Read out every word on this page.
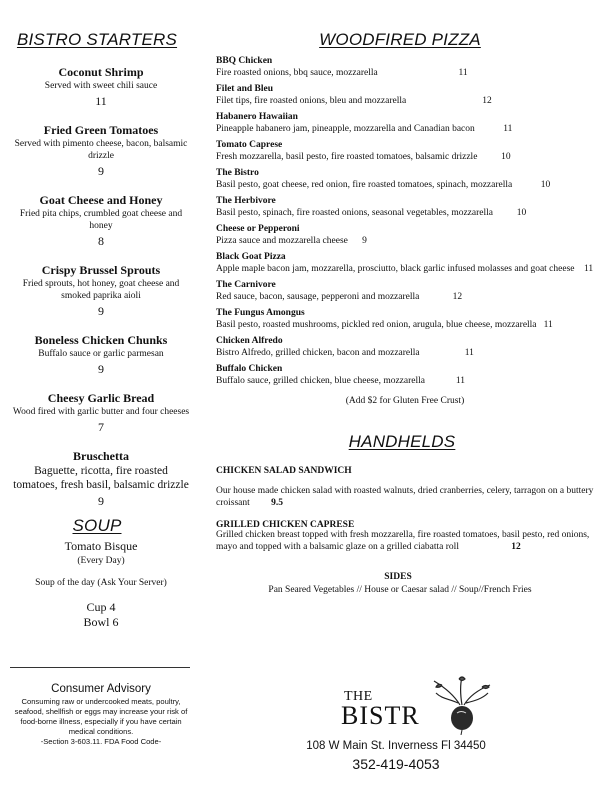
BISTRO STARTERS
Coconut Shrimp
Served with sweet chili sauce
11
Fried Green Tomatoes
Served with pimento cheese, bacon, balsamic drizzle
9
Goat Cheese and Honey
Fried pita chips, crumbled goat cheese and honey
8
Crispy Brussel Sprouts
Fried sprouts, hot honey, goat cheese and smoked paprika aioli
9
Boneless Chicken Chunks
Buffalo sauce or garlic parmesan
9
Cheesy Garlic Bread
Wood fired with garlic butter and four cheeses
7
Bruschetta
Baguette, ricotta, fire roasted tomatoes, fresh basil, balsamic drizzle
9
SOUP
Tomato Bisque
(Every Day)
Soup of the day (Ask Your Server)
Cup 4
Bowl 6
Consumer Advisory
Consuming raw or undercooked meats, poultry, seafood, shellfish or eggs may increase your risk of food-borne illness, especially if you have certain medical conditions.
-Section 3-603.11. FDA Food Code-
WOODFIRED PIZZA
BBQ Chicken
Fire roasted onions, bbq sauce, mozzarella	11
Filet and Bleu
Filet tips, fire roasted onions, bleu and mozzarella	12
Habanero Hawaiian
Pineapple habanero jam, pineapple, mozzarella and Canadian bacon	11
Tomato Caprese
Fresh mozzarella, basil pesto, fire roasted tomatoes, balsamic drizzle	10
The Bistro
Basil pesto, goat cheese, red onion, fire roasted tomatoes, spinach, mozzarella	10
The Herbivore
Basil pesto, spinach, fire roasted onions, seasonal vegetables, mozzarella	10
Cheese or Pepperoni
Pizza sauce and mozzarella cheese 9
Black Goat Pizza
Apple maple bacon jam, mozzarella, prosciutto, black garlic infused molasses and goat cheese 11
The Carnivore
Red sauce, bacon, sausage, pepperoni and mozzarella	12
The Fungus Amongus
Basil pesto, roasted mushrooms, pickled red onion, arugula, blue cheese, mozzarella 11
Chicken Alfredo
Bistro Alfredo, grilled chicken, bacon and mozzarella	11
Buffalo Chicken
Buffalo sauce, grilled chicken, blue cheese, mozzarella	11
(Add $2 for Gluten Free Crust)
HANDHELDS
CHICKEN SALAD SANDWICH
Our house made chicken salad with roasted walnuts, dried cranberries, celery, tarragon on a buttery croissant 9.5
GRILLED CHICKEN CAPRESE
Grilled chicken breast topped with fresh mozzarella, fire roasted tomatoes, basil pesto, red onions, mayo and topped with a balsamic glaze on a grilled ciabatta roll	12
SIDES
Pan Seared Vegetables // House or Caesar salad // Soup//French Fries
THE
BISTR
108 W Main St. Inverness Fl 34450
352-419-4053
